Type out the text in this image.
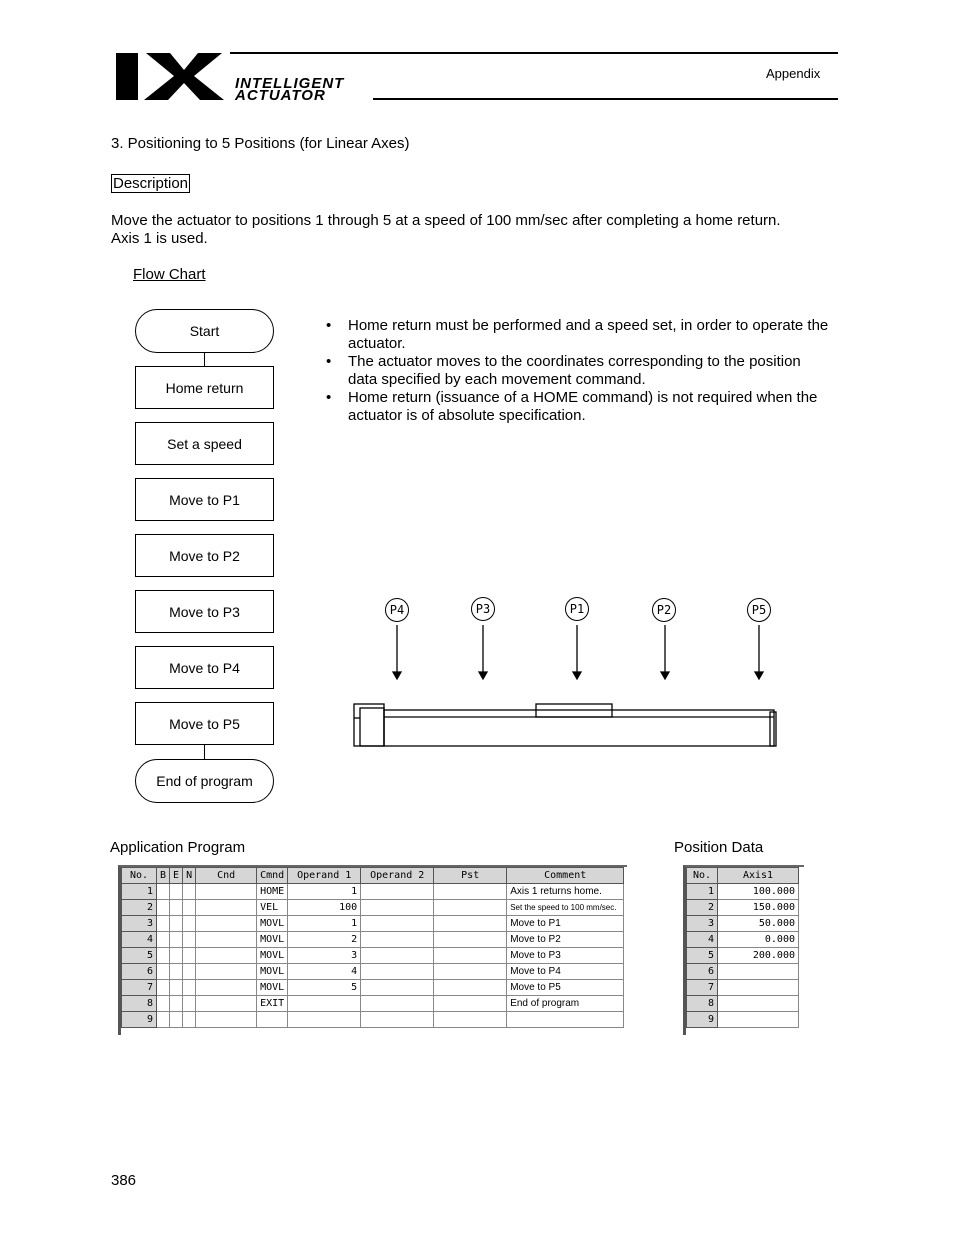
INTELLIGENT
ACTUATOR
Appendix
3. Positioning to 5 Positions (for Linear Axes)
Description
Move the actuator to positions 1 through 5 at a speed of 100 mm/sec after completing a home return.
Axis 1 is used.
Flow Chart
Start
Home return
Set a speed
Move to P1
Move to P2
Move to P3
Move to P4
Move to P5
End of program
• Home return must be performed and a speed set, in order to operate the actuator.
• The actuator moves to the coordinates corresponding to the position data specified by each movement command.
• Home return (issuance of a HOME command) is not required when the actuator is of absolute specification.
P4	P3	P1	P2	P5
Application Program	Position Data
No.	B	E	N	Cnd	Cmnd	Operand 1	Operand 2	Pst	Comment
1					HOME	1			Axis 1 returns home.
2					VEL	100			Set the speed to 100 mm/sec.
3					MOVL	1			Move to P1
4					MOVL	2			Move to P2
5					MOVL	3			Move to P3
6					MOVL	4			Move to P4
7					MOVL	5			Move to P5
8					EXIT				End of program
9									
No.	Axis1
1	100.000
2	150.000
3	50.000
4	0.000
5	200.000
6	
7	
8	
9	
386
